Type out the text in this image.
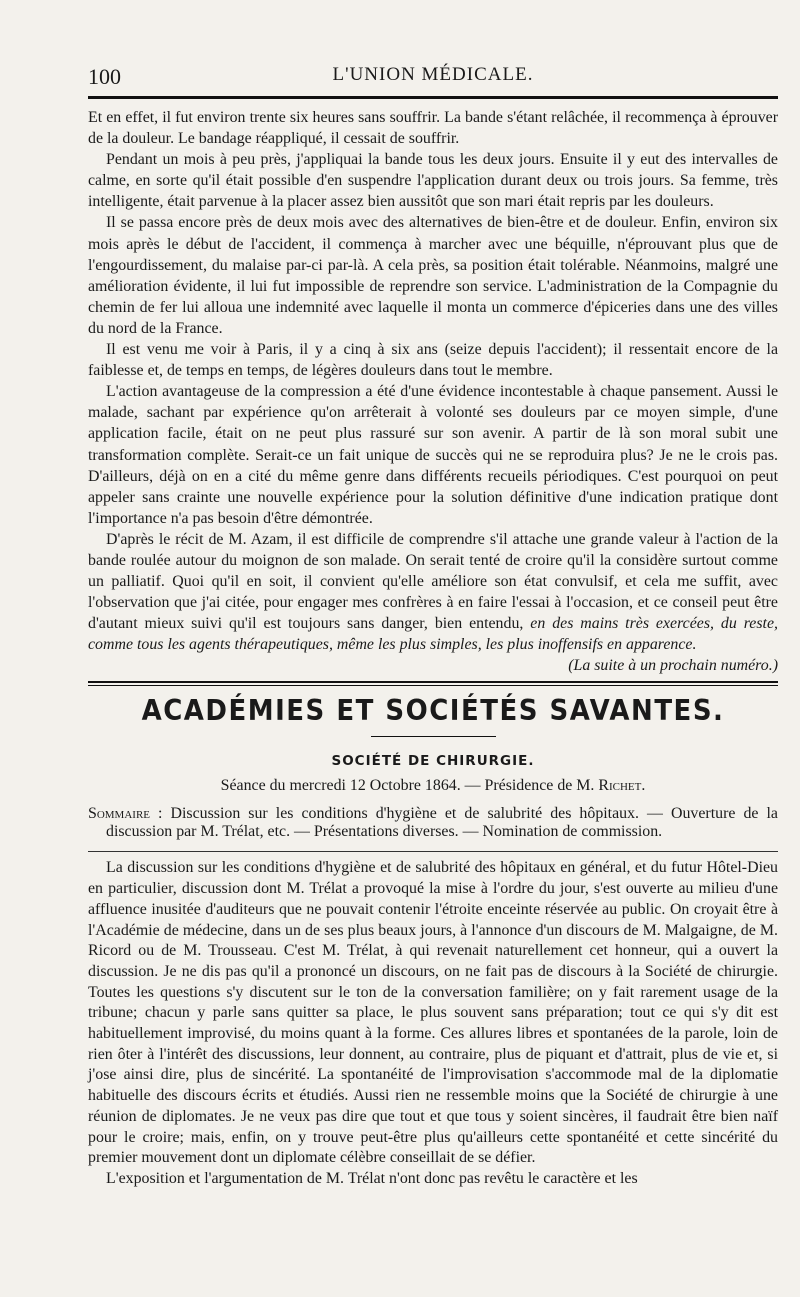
100	L'UNION MÉDICALE.

Et en effet, il fut environ trente six heures sans souffrir. La bande s'étant relâchée, il recommença à éprouver de la douleur. Le bandage réappliqué, il cessait de souffrir.

Pendant un mois à peu près, j'appliquai la bande tous les deux jours. Ensuite il y eut des intervalles de calme, en sorte qu'il était possible d'en suspendre l'application durant deux ou trois jours. Sa femme, très intelligente, était parvenue à la placer assez bien aussitôt que son mari était repris par les douleurs.

Il se passa encore près de deux mois avec des alternatives de bien-être et de douleur. Enfin, environ six mois après le début de l'accident, il commença à marcher avec une béquille, n'éprouvant plus que de l'engourdissement, du malaise par-ci par-là. A cela près, sa position était tolérable. Néanmoins, malgré une amélioration évidente, il lui fut impossible de reprendre son service. L'administration de la Compagnie du chemin de fer lui alloua une indemnité avec laquelle il monta un commerce d'épiceries dans une des villes du nord de la France.

Il est venu me voir à Paris, il y a cinq à six ans (seize depuis l'accident); il ressentait encore de la faiblesse et, de temps en temps, de légères douleurs dans tout le membre.

L'action avantageuse de la compression a été d'une évidence incontestable à chaque pansement. Aussi le malade, sachant par expérience qu'on arrêterait à volonté ses douleurs par ce moyen simple, d'une application facile, était on ne peut plus rassuré sur son avenir. A partir de là son moral subit une transformation complète. Serait-ce un fait unique de succès qui ne se reproduira plus? Je ne le crois pas. D'ailleurs, déjà on en a cité du même genre dans différents recueils périodiques. C'est pourquoi on peut appeler sans crainte une nouvelle expérience pour la solution définitive d'une indication pratique dont l'importance n'a pas besoin d'être démontrée.

D'après le récit de M. Azam, il est difficile de comprendre s'il attache une grande valeur à l'action de la bande roulée autour du moignon de son malade. On serait tenté de croire qu'il la considère surtout comme un palliatif. Quoi qu'il en soit, il convient qu'elle améliore son état convulsif, et cela me suffit, avec l'observation que j'ai citée, pour engager mes confrères à en faire l'essai à l'occasion, et ce conseil peut être d'autant mieux suivi qu'il est toujours sans danger, bien entendu, en des mains très exercées, du reste, comme tous les agents thérapeutiques, même les plus simples, les plus inoffensifs en apparence.

(La suite à un prochain numéro.)
ACADÉMIES ET SOCIÉTÉS SAVANTES.
SOCIÉTÉ DE CHIRURGIE.
Séance du mercredi 12 Octobre 1864. — Présidence de M. Richet.
Sommaire : Discussion sur les conditions d'hygiène et de salubrité des hôpitaux. — Ouverture de la discussion par M. Trélat, etc. — Présentations diverses. — Nomination de commission.

La discussion sur les conditions d'hygiène et de salubrité des hôpitaux en général, et du futur Hôtel-Dieu en particulier, discussion dont M. Trélat a provoqué la mise à l'ordre du jour, s'est ouverte au milieu d'une affluence inusitée d'auditeurs que ne pouvait contenir l'étroite enceinte réservée au public. On croyait être à l'Académie de médecine, dans un de ses plus beaux jours, à l'annonce d'un discours de M. Malgaigne, de M. Ricord ou de M. Trousseau. C'est M. Trélat, à qui revenait naturellement cet honneur, qui a ouvert la discussion. Je ne dis pas qu'il a prononcé un discours, on ne fait pas de discours à la Société de chirurgie. Toutes les questions s'y discutent sur le ton de la conversation familière; on y fait rarement usage de la tribune; chacun y parle sans quitter sa place, le plus souvent sans préparation; tout ce qui s'y dit est habituellement improvisé, du moins quant à la forme. Ces allures libres et spontanées de la parole, loin de rien ôter à l'intérêt des discussions, leur donnent, au contraire, plus de piquant et d'attrait, plus de vie et, si j'ose ainsi dire, plus de sincérité. La spontanéité de l'improvisation s'accommode mal de la diplomatie habituelle des discours écrits et étudiés. Aussi rien ne ressemble moins que la Société de chirurgie à une réunion de diplomates. Je ne veux pas dire que tout et que tous y soient sincères, il faudrait être bien naïf pour le croire; mais, enfin, on y trouve peut-être plus qu'ailleurs cette spontanéité et cette sincérité du premier mouvement dont un diplomate célèbre conseillait de se défier.

L'exposition et l'argumentation de M. Trélat n'ont donc pas revêtu le caractère et les
